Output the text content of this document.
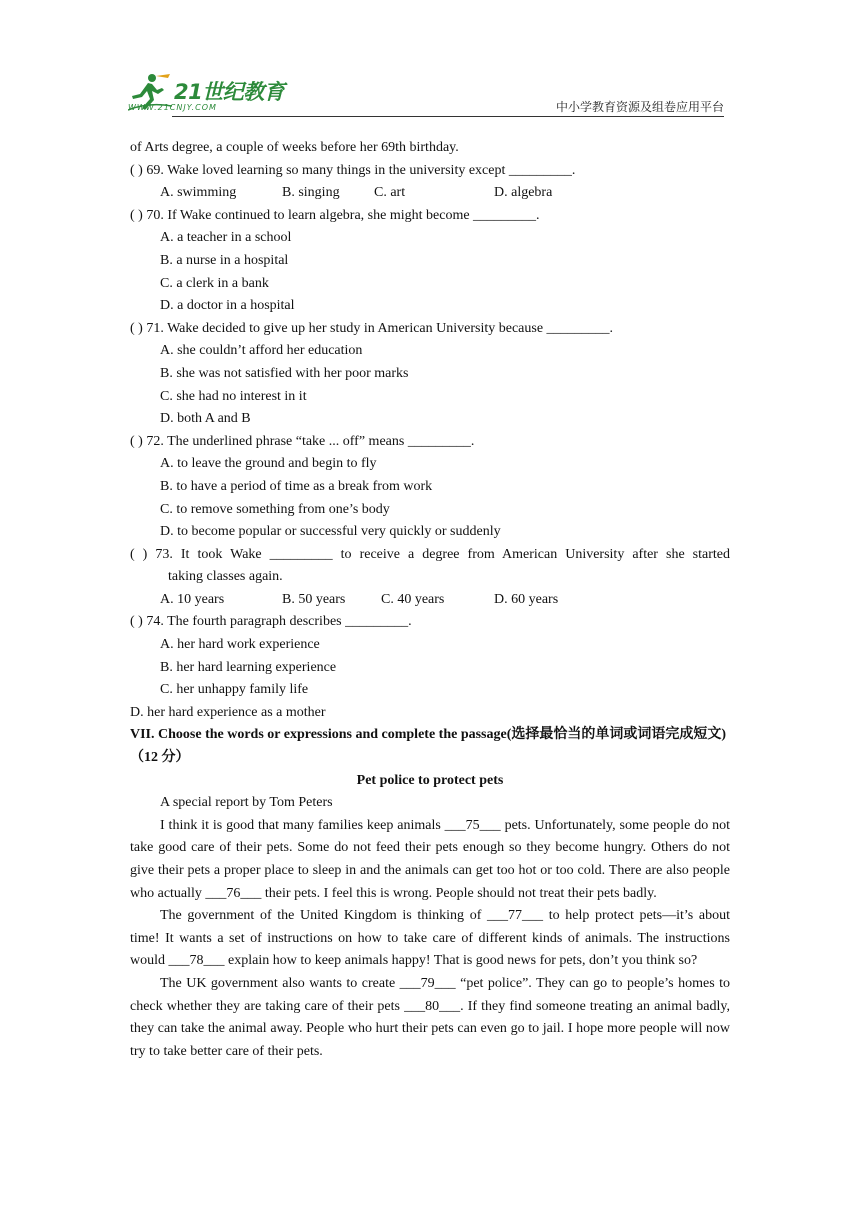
21世纪教育
WWW.21CNJY.COM	中小学教育资源及组卷应用平台
of Arts degree, a couple of weeks before her 69th birthday.
( ) 69. Wake loved learning so many things in the university except _________.
A. swimming	B. singing	C. art	D. algebra
( ) 70. If Wake continued to learn algebra, she might become _________.
A. a teacher in a school
B. a nurse in a hospital
C. a clerk in a bank
D. a doctor in a hospital
( ) 71. Wake decided to give up her study in American University because _________.
A. she couldn’t afford her education
B. she was not satisfied with her poor marks
C. she had no interest in it
D. both A and B
( ) 72. The underlined phrase “take ... off” means _________.
A. to leave the ground and begin to fly
B. to have a period of time as a break from work
C. to remove something from one’s body
D. to become popular or successful very quickly or suddenly
( ) 73. It took Wake _________ to receive a degree from American University after she started
taking classes again.
A. 10 years	B. 50 years	C. 40 years	D. 60 years
( ) 74. The fourth paragraph describes _________.
A. her hard work experience
B. her hard learning experience
C. her unhappy family life
D. her hard experience as a mother
VII. Choose the words or expressions and complete the passage(选择最恰当的单词或词语完成短文)（12 分）
Pet police to protect pets
A special report by Tom Peters
I think it is good that many families keep animals ___75___ pets. Unfortunately, some people do not take good care of their pets. Some do not feed their pets enough so they become hungry. Others do not give their pets a proper place to sleep in and the animals can get too hot or too cold. There are also people who actually ___76___ their pets. I feel this is wrong. People should not treat their pets badly.
The government of the United Kingdom is thinking of ___77___ to help protect pets—it’s about time! It wants a set of instructions on how to take care of different kinds of animals. The instructions would ___78___ explain how to keep animals happy! That is good news for pets, don’t you think so?
The UK government also wants to create ___79___ “pet police”. They can go to people’s homes to check whether they are taking care of their pets ___80___. If they find someone treating an animal badly, they can take the animal away. People who hurt their pets can even go to jail. I hope more people will now try to take better care of their pets.
